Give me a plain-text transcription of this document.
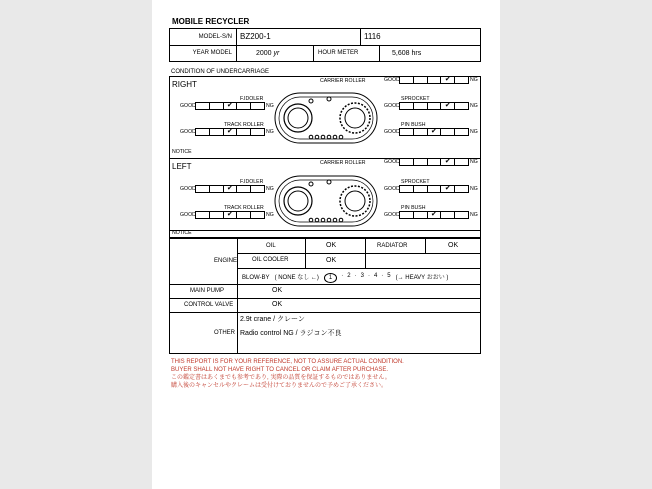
MOBILE RECYCLER
MODEL-S/N BZ200-1	1116
YEAR MODEL	2000 yr	HOUR METER	5,608 hrs
CONDITION OF UNDERCARRIAGE
RIGHT	CARRIER ROLLER
F.IDOLER
TRACK ROLLER
SPROCKET
PIN BUSH
NOTICE
LEFT	CARRIER ROLLER
F.IDOLER
TRACK ROLLER
SPROCKET
PIN BUSH
NOTICE
OIL	OK	RADIATOR	OK
ENGINE OIL COOLER	OK
BLOW-BY ( NONE なし ←)	1	· 2 · 3 · 4 · 5 (→ HEAVY おおい )
MAIN PUMP	OK
CONTROL VALVE	OK
OTHER
2.9t crane / クレーン
Radio control NG / ラジコン不良
THIS REPORT IS FOR YOUR REFERENCE, NOT TO ASSURE ACTUAL CONDITION.
BUYER SHALL NOT HAVE RIGHT TO CANCEL OR CLAIM AFTER PURCHASE.
この鑑定書はあくまでも参考であり, 実際の品質を保証するものではありません。
購入後のキャンセルやクレームは受付けておりませんので予めご了承ください。
GOOD	✔	NG
GOOD	✔	NG
GOOD	✔	NG
GOOD	✔	NG
GOOD	✔	NG
GOOD	✔	NG
GOOD	✔	NG
GOOD	✔	NG
GOOD	✔	NG
GOOD	✔	NG
